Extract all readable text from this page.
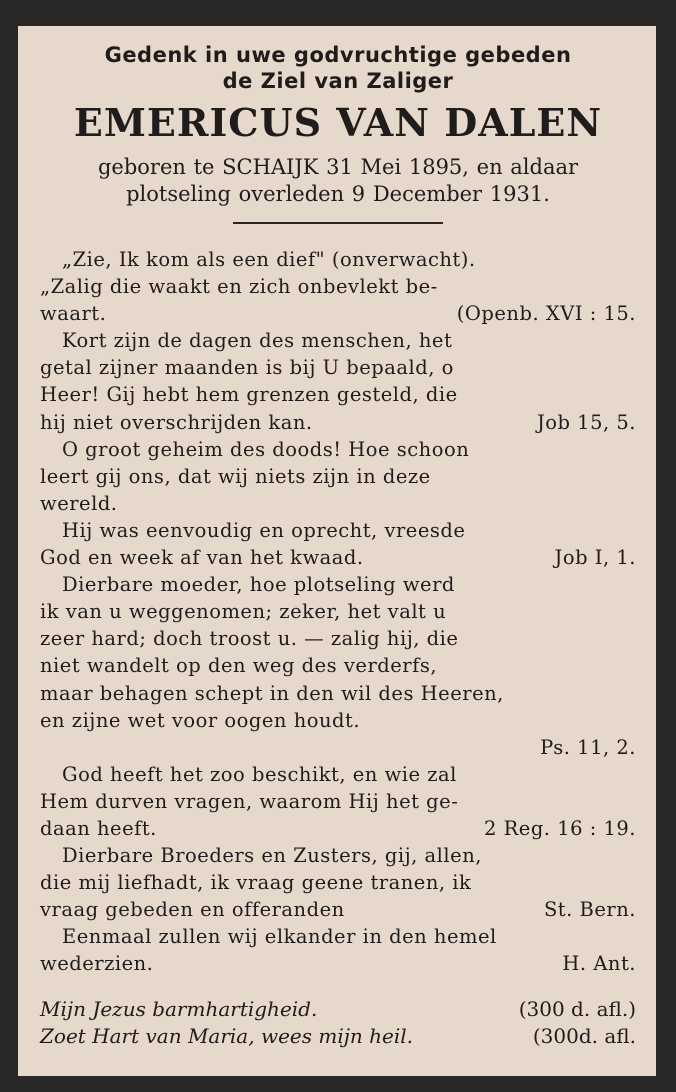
Gedenk in uwe godvruchtige gebeden
de Ziel van Zaliger
EMERICUS VAN DALEN
geboren te SCHAIJK 31 Mei 1895, en aldaar
plotseling overleden 9 December 1931.
„Zie, Ik kom als een dief" (onverwacht).
„Zalig die waakt en zich onbevlekt be-
waart.	(Openb. XVI : 15.
Kort zijn de dagen des menschen, het
getal zijner maanden is bij U bepaald, o
Heer! Gij hebt hem grenzen gesteld, die
hij niet overschrijden kan.	Job 15, 5.
O groot geheim des doods! Hoe schoon
leert gij ons, dat wij niets zijn in deze
wereld.
Hij was eenvoudig en oprecht, vreesde
God en week af van het kwaad.	Job I, 1.
Dierbare moeder, hoe plotseling werd
ik van u weggenomen; zeker, het valt u
zeer hard; doch troost u. — zalig hij, die
niet wandelt op den weg des verderfs,
maar behagen schept in den wil des Heeren,
en zijne wet voor oogen houdt.
Ps. 11, 2.
God heeft het zoo beschikt, en wie zal
Hem durven vragen, waarom Hij het ge-
daan heeft.	2 Reg. 16 : 19.
Dierbare Broeders en Zusters, gij, allen,
die mij liefhadt, ik vraag geene tranen, ik
vraag gebeden en offeranden	St. Bern.
Eenmaal zullen wij elkander in den hemel
wederzien.	H. Ant.
Mijn Jezus barmhartigheid.	(300 d. afl.)
Zoet Hart van Maria, wees mijn heil.	(300d. afl.
